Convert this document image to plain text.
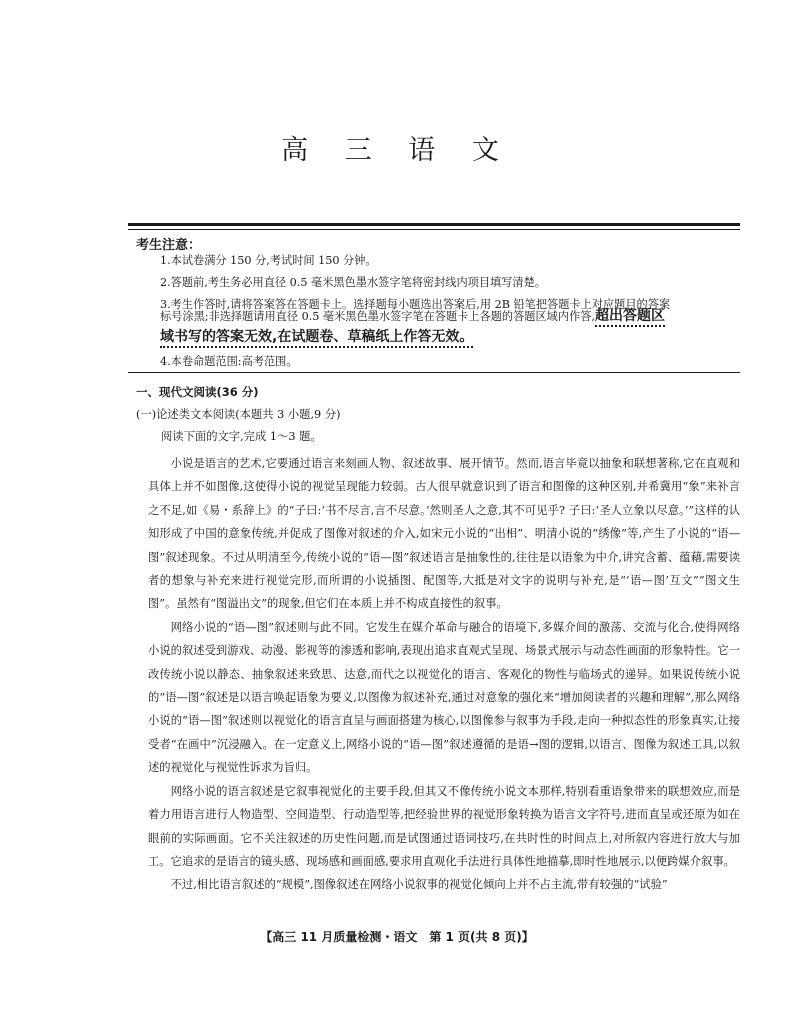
高 三 语 文
考生注意：
1.本试卷满分 150 分,考试时间 150 分钟。
2.答题前,考生务必用直径 0.5 毫米黑色墨水签字笔将密封线内项目填写清楚。
3.考生作答时,请将答案答在答题卡上。选择题每小题选出答案后,用 2B 铅笔把答题卡上对应题目的答案
标号涂黑;非选择题请用直径 0.5 毫米黑色墨水签字笔在答题卡上各题的答题区域内作答,超出答题区
域书写的答案无效,在试题卷、草稿纸上作答无效。
4.本卷命题范围:高考范围。
一、现代文阅读(36 分)
(一)论述类文本阅读(本题共 3 小题,9 分)
阅读下面的文字,完成 1～3 题。

小说是语言的艺术,它要通过语言来刻画人物、叙述故事、展开情节。然而,语言毕竟以抽象和联想著称,它在直观和具体上并不如图像,这使得小说的视觉呈现能力较弱。古人很早就意识到了语言和图像的这种区别,并希冀用“象”来补言之不足,如《易・系辞上》的“子曰:‘书不尽言,言不尽意。’然则圣人之意,其不可见乎? 子曰:‘圣人立象以尽意。’”这样的认知形成了中国的意象传统,并促成了图像对叙述的介入,如宋元小说的“出相”、明清小说的“绣像”等,产生了小说的“语—图”叙述现象。不过从明清至今,传统小说的“语—图”叙述语言是抽象性的,往往是以语象为中介,讲究含蓄、蕴藉,需要读者的想象与补充来进行视觉完形,而所谓的小说插图、配图等,大抵是对文字的说明与补充,是“‘语—图’互文”“图文生图”。虽然有“图溢出文”的现象,但它们在本质上并不构成直接性的叙事。

网络小说的“语—图”叙述则与此不同。它发生在媒介革命与融合的语境下,多媒介间的激荡、交流与化合,使得网络小说的叙述受到游戏、动漫、影视等的渗透和影响,表现出追求直观式呈现、场景式展示与动态性画面的形象特性。它一改传统小说以静态、抽象叙述来致思、达意,而代之以视觉化的语言、客观化的物性与临场式的递异。如果说传统小说的“语—图”叙述是以语言唤起语象为要义,以图像为叙述补充,通过对意象的强化来“增加阅读者的兴趣和理解”,那么网络小说的“语—图”叙述则以视觉化的语言直呈与画面搭建为核心,以图像参与叙事为手段,走向一种拟态性的形象真实,让接受者“在画中”沉浸融入。在一定意义上,网络小说的“语—图”叙述遵循的是语→图的逻辑,以语言、图像为叙述工具,以叙述的视觉化与视觉性诉求为旨归。

网络小说的语言叙述是它叙事视觉化的主要手段,但其又不像传统小说文本那样,特别看重语象带来的联想效应,而是着力用语言进行人物造型、空间造型、行动造型等,把经验世界的视觉形象转换为语言文字符号,进而直呈或还原为如在眼前的实际画面。它不关注叙述的历史性问题,而是试图通过语词技巧,在共时性的时间点上,对所叙内容进行放大与加工。它追求的是语言的镜头感、现场感和画面感,要求用直观化手法进行具体性地描摹,即时性地展示,以便跨媒介叙事。

不过,相比语言叙述的“规模”,图像叙述在网络小说叙事的视觉化倾向上并不占主流,带有较强的“试验”

【高三 11 月质量检测・语文　第 1 页(共 8 页)】
